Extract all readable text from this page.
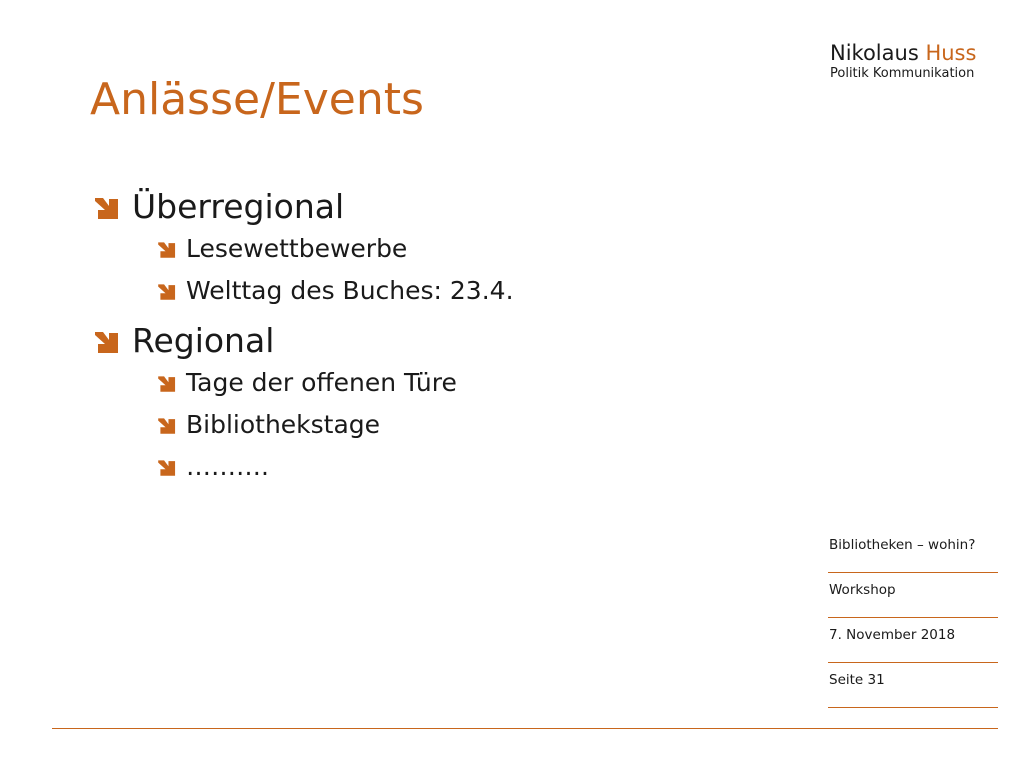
Nikolaus Huss
Politik Kommunikation
Anlässe/Events
Überregional
Lesewettbewerbe
Welttag des Buches: 23.4.
Regional
Tage der offenen Türe
Bibliothekstage
……….
Bibliotheken – wohin?
Workshop
7. November 2018
Seite 31
